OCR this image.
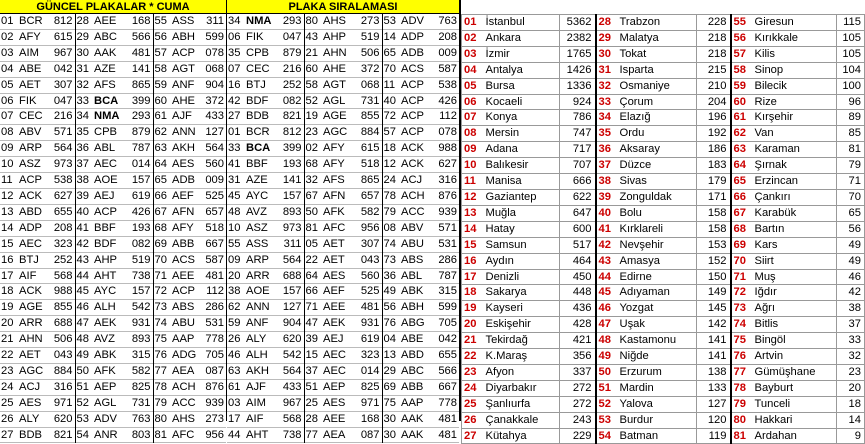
GÜNCEL PLAKALAR * CUMA
01	BCR	812	28	AEE	168	55	ASS	311
02	AFY	615	29	ABC	566	56	ABH	599
03	AIM	967	30	AAK	481	57	ACP	078
04	ABE	042	31	AZE	141	58	AGT	068
05	AET	307	32	AFS	865	59	ANF	904
06	FIK	047	33	BCA	399	60	AHE	372
07	CEC	216	34	NMA	293	61	AJF	433
08	ABV	571	35	CPB	879	62	ANN	127
09	ARP	564	36	ABL	787	63	AKH	564
10	ASZ	973	37	AEC	014	64	AES	560
11	ACP	538	38	AOE	157	65	ADB	009
12	ACK	627	39	AEJ	619	66	AEF	525
13	ABD	655	40	ACP	426	67	AFN	657
14	ADP	208	41	BBF	193	68	AFY	518
15	AEC	323	42	BDF	082	69	ABB	667
16	BTJ	252	43	AHP	519	70	ACS	587
17	AIF	568	44	AHT	738	71	AEE	481
18	ACK	988	45	AYC	157	72	ACP	112
19	AGE	855	46	ALH	542	73	ABS	286
20	ARR	688	47	AEK	931	74	ABU	531
21	AHN	506	48	AVZ	893	75	AAP	778
22	AET	043	49	ABK	315	76	ADG	705
23	AGC	884	50	AFK	582	77	AEA	087
24	ACJ	316	51	AEP	825	78	ACH	876
25	AES	971	52	AGL	731	79	ACC	939
26	ALY	620	53	ADV	763	80	AHS	273
27	BDB	821	54	ANR	803	81	AFC	956
PLAKA SIRALAMASI
34	NMA	293	80	AHS	273	53	ADV	763
06	FIK	047	43	AHP	519	14	ADP	208
35	CPB	879	21	AHN	506	65	ADB	009
07	CEC	216	60	AHE	372	70	ACS	587
16	BTJ	252	58	AGT	068	11	ACP	538
42	BDF	082	52	AGL	731	40	ACP	426
27	BDB	821	19	AGE	855	72	ACP	112
01	BCR	812	23	AGC	884	57	ACP	078
33	BCA	399	02	AFY	615	18	ACK	988
41	BBF	193	68	AFY	518	12	ACK	627
31	AZE	141	32	AFS	865	24	ACJ	316
45	AYC	157	67	AFN	657	78	ACH	876
48	AVZ	893	50	AFK	582	79	ACC	939
10	ASZ	973	81	AFC	956	08	ABV	571
55	ASS	311	05	AET	307	74	ABU	531
09	ARP	564	22	AET	043	73	ABS	286
20	ARR	688	64	AES	560	36	ABL	787
38	AOE	157	66	AEF	525	49	ABK	315
62	ANN	127	71	AEE	481	56	ABH	599
59	ANF	904	47	AEK	931	76	ABG	705
26	ALY	620	39	AEJ	619	04	ABE	042
46	ALH	542	15	AEC	323	13	ABD	655
63	AKH	564	37	AEC	014	29	ABC	566
61	AJF	433	51	AEP	825	69	ABB	667
03	AIM	967	25	AES	971	75	AAP	778
17	AIF	568	28	AEE	168	30	AAK	481
44	AHT	738	77	AEA	087	30	AAK	481
01	İstanbul	5362	28	Trabzon	228	55	Giresun	115
02	Ankara	2382	29	Malatya	218	56	Kırıkkale	105
03	İzmir	1765	30	Tokat	218	57	Kilis	105
04	Antalya	1426	31	Isparta	215	58	Sinop	104
05	Bursa	1336	32	Osmaniye	210	59	Bilecik	100
06	Kocaeli	924	33	Çorum	204	60	Rize	96
07	Konya	786	34	Elazığ	196	61	Kırşehir	89
08	Mersin	747	35	Ordu	192	62	Van	85
09	Adana	717	36	Aksaray	186	63	Karaman	81
10	Balıkesir	707	37	Düzce	183	64	Şırnak	79
11	Manisa	666	38	Sivas	179	65	Erzincan	71
12	Gaziantep	622	39	Zonguldak	171	66	Çankırı	70
13	Muğla	647	40	Bolu	158	67	Karabük	65
14	Hatay	600	41	Kırklareli	158	68	Bartın	56
15	Samsun	517	42	Nevşehir	153	69	Kars	49
16	Aydın	464	43	Amasya	152	70	Siirt	49
17	Denizli	450	44	Edirne	150	71	Muş	46
18	Sakarya	448	45	Adıyaman	149	72	Iğdır	42
19	Kayseri	436	46	Yozgat	145	73	Ağrı	38
20	Eskişehir	428	47	Uşak	142	74	Bitlis	37
21	Tekirdağ	421	48	Kastamonu	141	75	Bingöl	33
22	K.Maraş	356	49	Niğde	141	76	Artvin	32
23	Afyon	337	50	Erzurum	138	77	Gümüşhane	23
24	Diyarbakır	272	51	Mardin	133	78	Bayburt	20
25	Şanlıurfa	272	52	Yalova	127	79	Tunceli	18
26	Çanakkale	243	53	Burdur	120	80	Hakkari	14
27	Kütahya	229	54	Batman	119	81	Ardahan	9
